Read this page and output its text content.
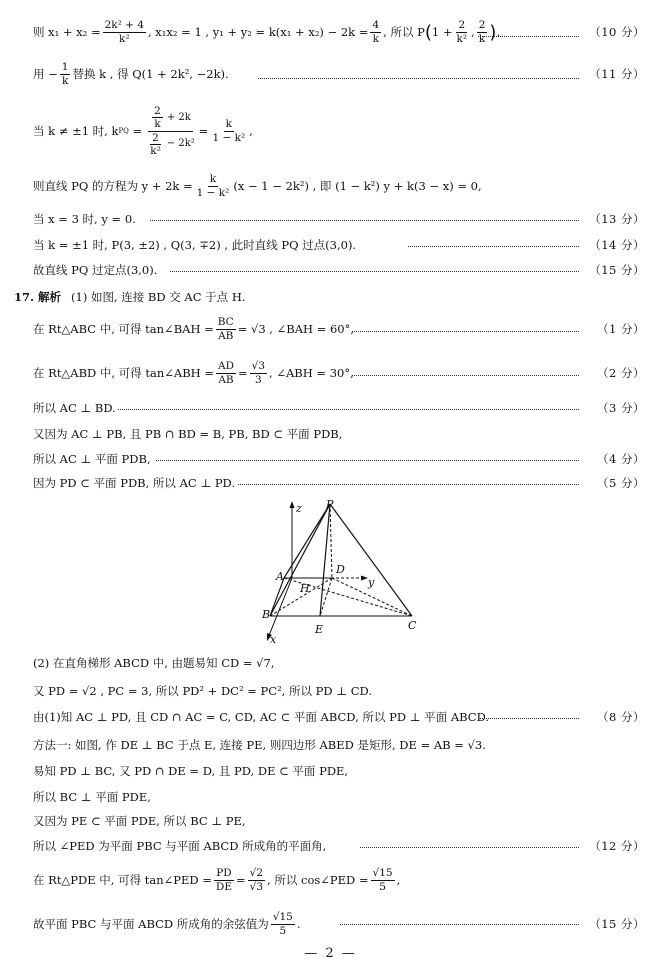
则 $x_1 + x_2 = \frac{\text{2k² + 4}}{\text{k²}}$ , x₁x₂ = 1 , $y_1 + y_2 = k(x_1 + x_2) - 2k = \frac{4}{k}$ , 所以 P ( $1 + \frac{2}{\text{k²}}$ , $\frac{2}{k}$ ) .	（10 分）
用 − $\frac{1}{k}$ 替换 k , 得 Q(1 + 2k², −2k).	（11 分）
当 k ≠ ±1 时, k PQ
= $\frac{\frac{2}{k} + 2k}{\frac{2}{\text{k²}} - 2k^2} = \frac{k}{\text{1 − k²}}$ ,
则直线 PQ 的方程为 $y + 2k = \frac{k}{\text{1 − k²}} (x - 1 - 2k^2)$ , 即 (1 − k²) y + k(3 − x) = 0,
当 x = 3 时, y = 0.	（13 分）
当 k = ±1 时, P(3, ±2) , Q(3, ∓2) , 此时直线 PQ 过点(3,0).	（14 分）
故直线 PQ 过定点(3,0).	（15 分）
17. 解析 (1) 如图, 连接 BD 交 AC 于点 H.
在 Rt△ABC 中, 可得 tan∠BAH = $\frac{BC}{AB} = √3$ , ∠BAH = 60°,	（1 分）
在 Rt△ABD 中, 可得 tan∠ABH = $\frac{AD}{AB} = \frac{√3}{3}$ , ∠ABH = 30°,	（2 分）
所以 AC ⊥ BD.	（3 分）
又因为 AC ⊥ PB, 且 PB ∩ BD = B, PB, BD ⊂ 平面 PDB,
所以 AC ⊥ 平面 PDB,	（4 分）
因为 PD ⊂ 平面 PDB, 所以 AC ⊥ PD.	（5 分）
z P
A
D
y
H
B
E	C
x
(2) 在直角梯形 ABCD 中, 由题易知 CD = √7,
又 PD = √2 , PC = 3, 所以 PD² + DC² = PC², 所以 PD ⊥ CD.
由(1)知 AC ⊥ PD, 且 CD ∩ AC = C, CD, AC ⊂ 平面 ABCD, 所以 PD ⊥ 平面 ABCD.	（8 分）
方法一: 如图, 作 DE ⊥ BC 于点 E, 连接 PE, 则四边形 ABED 是矩形, DE = AB = √3.
易知 PD ⊥ BC, 又 PD ∩ DE = D, 且 PD, DE ⊂ 平面 PDE,
所以 BC ⊥ 平面 PDE,
又因为 PE ⊂ 平面 PDE, 所以 BC ⊥ PE,
所以 ∠PED 为平面 PBC 与平面 ABCD 所成角的平面角,	（12 分）
在 Rt△PDE 中, 可得 tan∠PED = $\frac{PD}{DE} = \frac{√2}{√3}$ , 所以 cos∠PED = $\frac{√15}{5}$ ,
故平面 PBC 与平面 ABCD 所成角的余弦值为 $\frac{√15}{5}$ .	（15 分）
— 2 —
